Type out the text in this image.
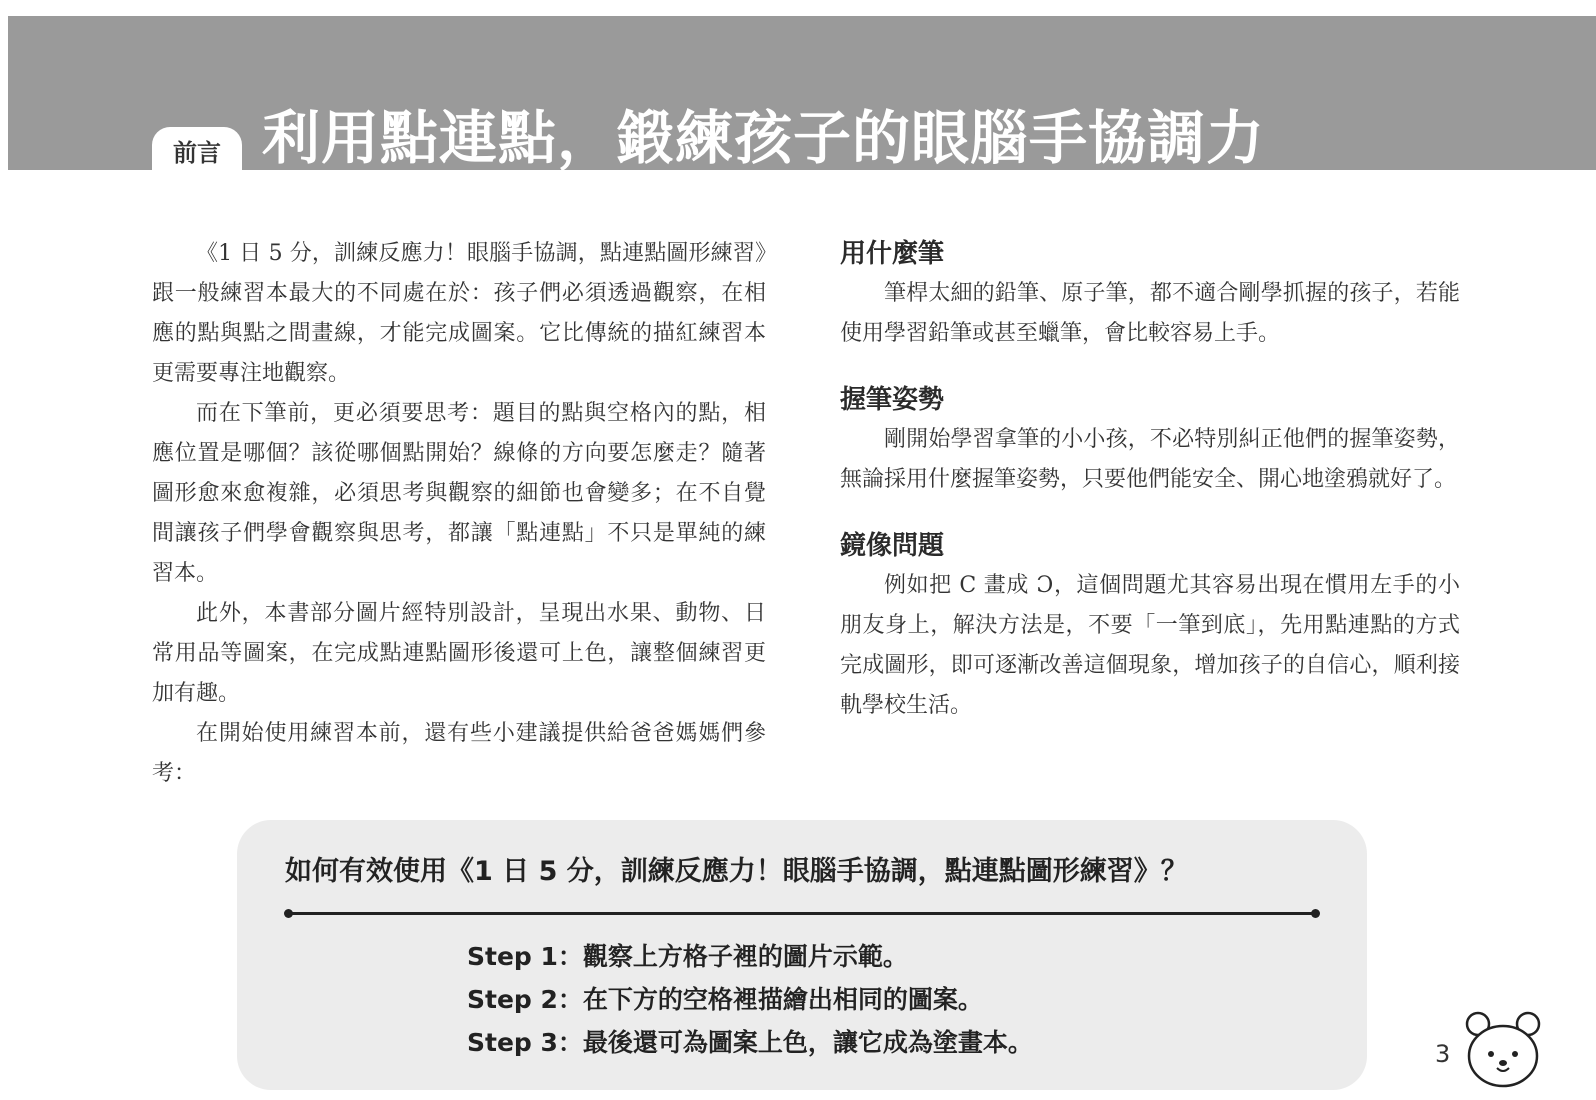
前言 利用點連點，鍛練孩子的眼腦手協調力

《1 日 5 分，訓練反應力！眼腦手協調，點連點圖形練習》跟一般練習本最大的不同處在於：孩子們必須透過觀察，在相應的點與點之間畫線，才能完成圖案。它比傳統的描紅練習本更需要專注地觀察。

而在下筆前，更必須要思考：題目的點與空格內的點，相應位置是哪個？該從哪個點開始？線條的方向要怎麼走？隨著圖形愈來愈複雜，必須思考與觀察的細節也會變多；在不自覺間讓孩子們學會觀察與思考，都讓「點連點」不只是單純的練習本。

此外，本書部分圖片經特別設計，呈現出水果、動物、日常用品等圖案，在完成點連點圖形後還可上色，讓整個練習更加有趣。

在開始使用練習本前，還有些小建議提供給爸爸媽媽們參考：

用什麼筆

筆桿太細的鉛筆、原子筆，都不適合剛學抓握的孩子，若能使用學習鉛筆或甚至蠟筆，會比較容易上手。

握筆姿勢

剛開始學習拿筆的小小孩，不必特別糾正他們的握筆姿勢，無論採用什麼握筆姿勢，只要他們能安全、開心地塗鴉就好了。

鏡像問題

例如把 C 畫成 Ɔ，這個問題尤其容易出現在慣用左手的小朋友身上，解決方法是，不要「一筆到底」，先用點連點的方式完成圖形，即可逐漸改善這個現象，增加孩子的自信心，順利接軌學校生活。

如何有效使用《1 日 5 分，訓練反應力！眼腦手協調，點連點圖形練習》？
Step 1：觀察上方格子裡的圖片示範。
Step 2：在下方的空格裡描繪出相同的圖案。
Step 3：最後還可為圖案上色，讓它成為塗畫本。	3
